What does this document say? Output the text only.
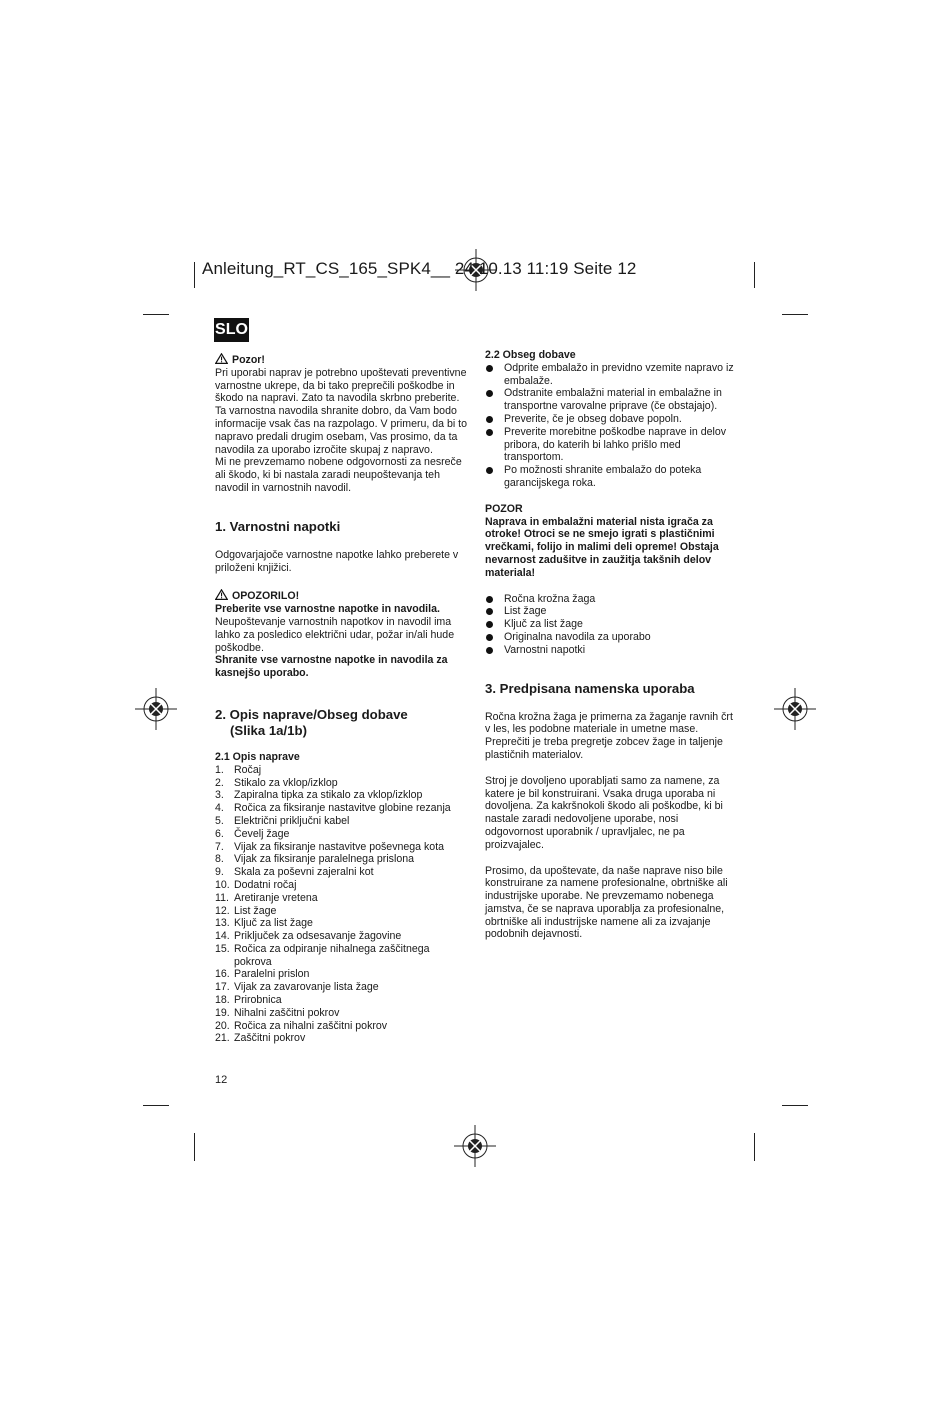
Anleitung_RT_CS_165_SPK4__ 24.10.13 11:19 Seite 12
SLO

Pozor!

Pri uporabi naprav je potrebno upoštevati preventivne varnostne ukrepe, da bi tako preprečili poškodbe in škodo na napravi. Zato ta navodila skrbno preberite. Ta varnostna navodila shranite dobro, da Vam bodo informacije vsak čas na razpolago. V primeru, da bi to napravo predali drugim osebam, Vas prosimo, da ta navodila za uporabo izročite skupaj z napravo.

Mi ne prevzemamo nobene odgovornosti za nesreče ali škodo, ki bi nastala zaradi neupoštevanja teh navodil in varnostnih navodil.

1. Varnostni napotki

Odgovarjajoče varnostne napotke lahko preberete v priloženi knjižici.

OPOZORILO!

Preberite vse varnostne napotke in navodila.

Neupoštevanje varnostnih napotkov in navodil ima lahko za posledico električni udar, požar in/ali hude poškodbe.

Shranite vse varnostne napotke in navodila za kasnejšo uporabo.

2. Opis naprave/Obseg dobave
(Slika 1a/1b)

2.1 Opis naprave

1. Ročaj
2. Stikalo za vklop/izklop
3. Zapiralna tipka za stikalo za vklop/izklop
4. Ročica za fiksiranje nastavitve globine rezanja
5. Električni priključni kabel
6. Čevelj žage
7. Vijak za fiksiranje nastavitve poševnega kota
8. Vijak za fiksiranje paralelnega prislona
9. Skala za poševni zajeralni kot
10. Dodatni ročaj
11. Aretiranje vretena
12. List žage
13. Ključ za list žage
14. Priključek za odsesavanje žagovine
15. Ročica za odpiranje nihalnega zaščitnega pokrova
16. Paralelni prislon
17. Vijak za zavarovanje lista žage
18. Prirobnica
19. Nihalni zaščitni pokrov
20. Ročica za nihalni zaščitni pokrov
21. Zaščitni pokrov

2.2 Obseg dobave

Odprite embalažo in previdno vzemite napravo iz embalaže.
Odstranite embalažni material in embalažne in transportne varovalne priprave (če obstajajo).
Preverite, če je obseg dobave popoln.
Preverite morebitne poškodbe naprave in delov pribora, do katerih bi lahko prišlo med transportom.
Po možnosti shranite embalažo do poteka garancijskega roka.

POZOR

Naprava in embalažni material nista igrača za otroke! Otroci se ne smejo igrati s plastičnimi vrečkami, folijo in malimi deli opreme! Obstaja nevarnost zadušitve in zaužitja takšnih delov materiala!

Ročna krožna žaga
List žage
Ključ za list žage
Originalna navodila za uporabo
Varnostni napotki

3. Predpisana namenska uporaba

Ročna krožna žaga je primerna za žaganje ravnih črt v les, les podobne materiale in umetne mase. Preprečiti je treba pregretje zobcev žage in taljenje plastičnih materialov.

Stroj je dovoljeno uporabljati samo za namene, za katere je bil konstruirani. Vsaka druga uporaba ni dovoljena. Za kakršnokoli škodo ali poškodbe, ki bi nastale zaradi nedovoljene uporabe, nosi odgovornost uporabnik / upravljalec, ne pa proizvajalec.

Prosimo, da upoštevate, da naše naprave niso bile konstruirane za namene profesionalne, obrtniške ali industrijske uporabe. Ne prevzemamo nobenega jamstva, če se naprava uporablja za profesionalne, obrtniške ali industrijske namene ali za izvajanje podobnih dejavnosti.

12
